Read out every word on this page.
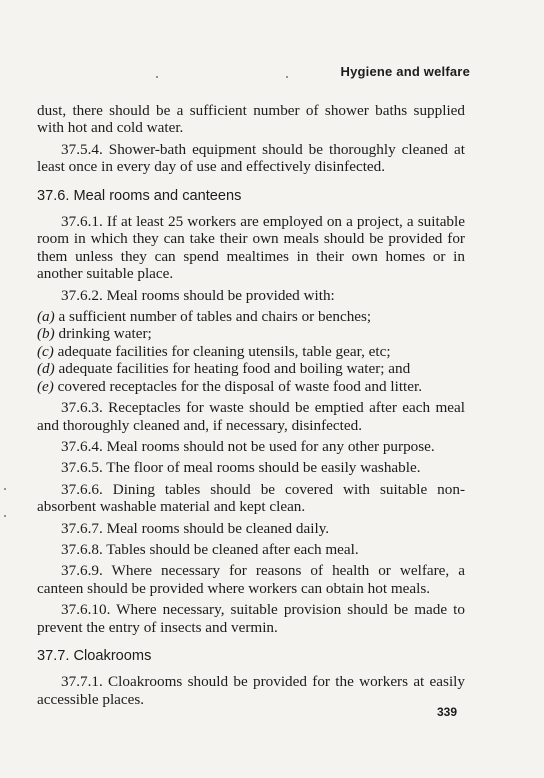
Hygiene and welfare

dust, there should be a sufficient number of shower baths supplied with hot and cold water.

37.5.4. Shower-bath equipment should be thoroughly cleaned at least once in every day of use and effectively disinfected.

37.6. Meal rooms and canteens

37.6.1. If at least 25 workers are employed on a project, a suitable room in which they can take their own meals should be provided for them unless they can spend mealtimes in their own homes or in another suitable place.

37.6.2. Meal rooms should be provided with:

(a) a sufficient number of tables and chairs or benches;
(b) drinking water;
(c) adequate facilities for cleaning utensils, table gear, etc;
(d) adequate facilities for heating food and boiling water; and
(e) covered receptacles for the disposal of waste food and litter.

37.6.3. Receptacles for waste should be emptied after each meal and thoroughly cleaned and, if necessary, disinfected.

37.6.4. Meal rooms should not be used for any other purpose.

37.6.5. The floor of meal rooms should be easily washable.

37.6.6. Dining tables should be covered with suitable non-absorbent washable material and kept clean.

37.6.7. Meal rooms should be cleaned daily.

37.6.8. Tables should be cleaned after each meal.

37.6.9. Where necessary for reasons of health or welfare, a canteen should be provided where workers can obtain hot meals.

37.6.10. Where necessary, suitable provision should be made to prevent the entry of insects and vermin.

37.7. Cloakrooms

37.7.1. Cloakrooms should be provided for the workers at easily accessible places.

339
